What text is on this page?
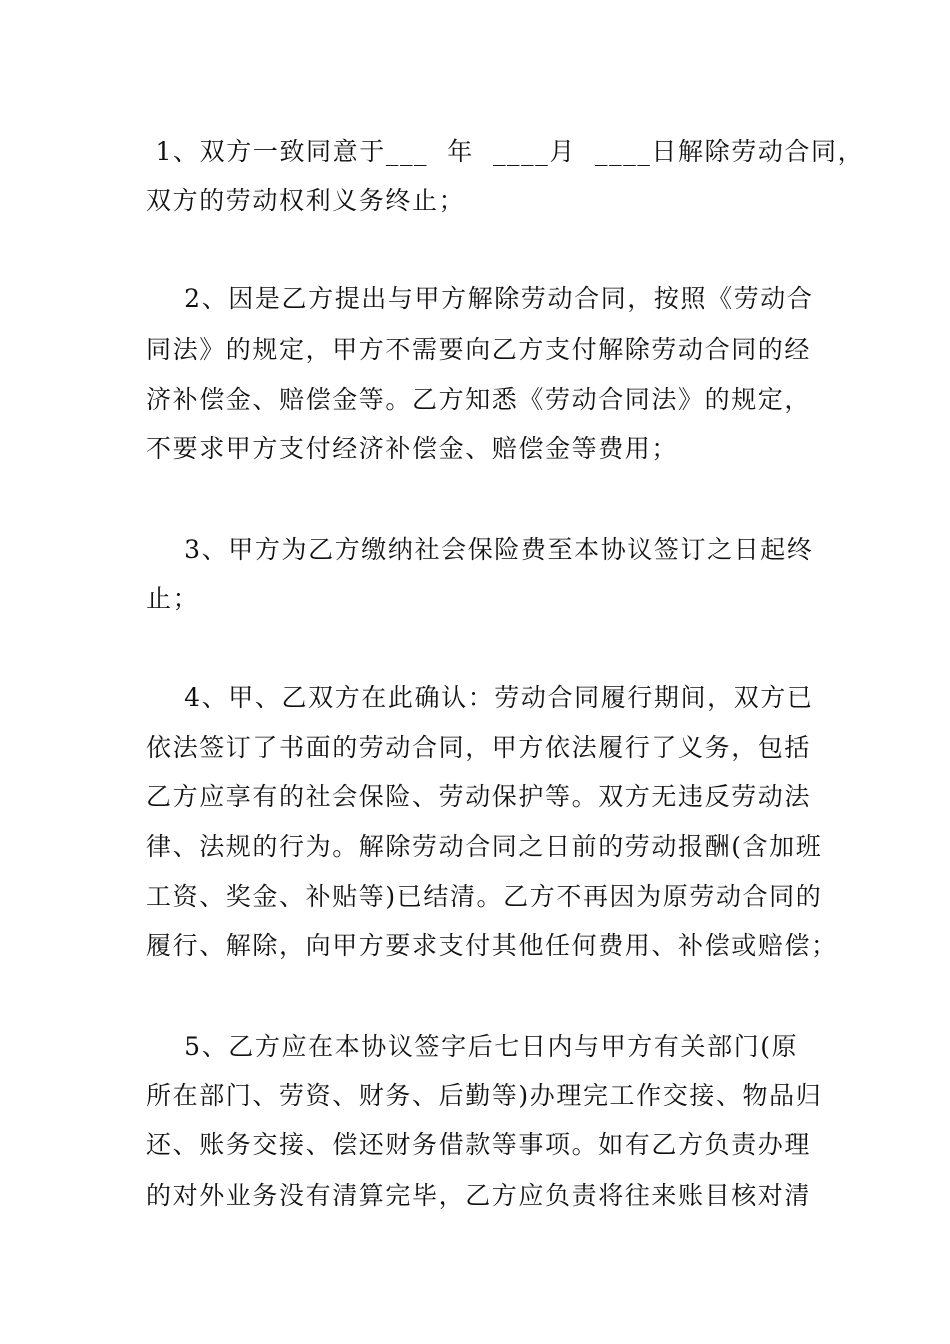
1、双方一致同意于___  年  ____月  ____日解除劳动合同，
双方的劳动权利义务终止；
2、因是乙方提出与甲方解除劳动合同，按照《劳动合
同法》的规定，甲方不需要向乙方支付解除劳动合同的经
济补偿金、赔偿金等。乙方知悉《劳动合同法》的规定，
不要求甲方支付经济补偿金、赔偿金等费用；
3、甲方为乙方缴纳社会保险费至本协议签订之日起终
止；
4、甲、乙双方在此确认：劳动合同履行期间，双方已
依法签订了书面的劳动合同，甲方依法履行了义务，包括
乙方应享有的社会保险、劳动保护等。双方无违反劳动法
律、法规的行为。解除劳动合同之日前的劳动报酬(含加班
工资、奖金、补贴等)已结清。乙方不再因为原劳动合同的
履行、解除，向甲方要求支付其他任何费用、补偿或赔偿；
5、乙方应在本协议签字后七日内与甲方有关部门(原
所在部门、劳资、财务、后勤等)办理完工作交接、物品归
还、账务交接、偿还财务借款等事项。如有乙方负责办理
的对外业务没有清算完毕，乙方应负责将往来账目核对清
